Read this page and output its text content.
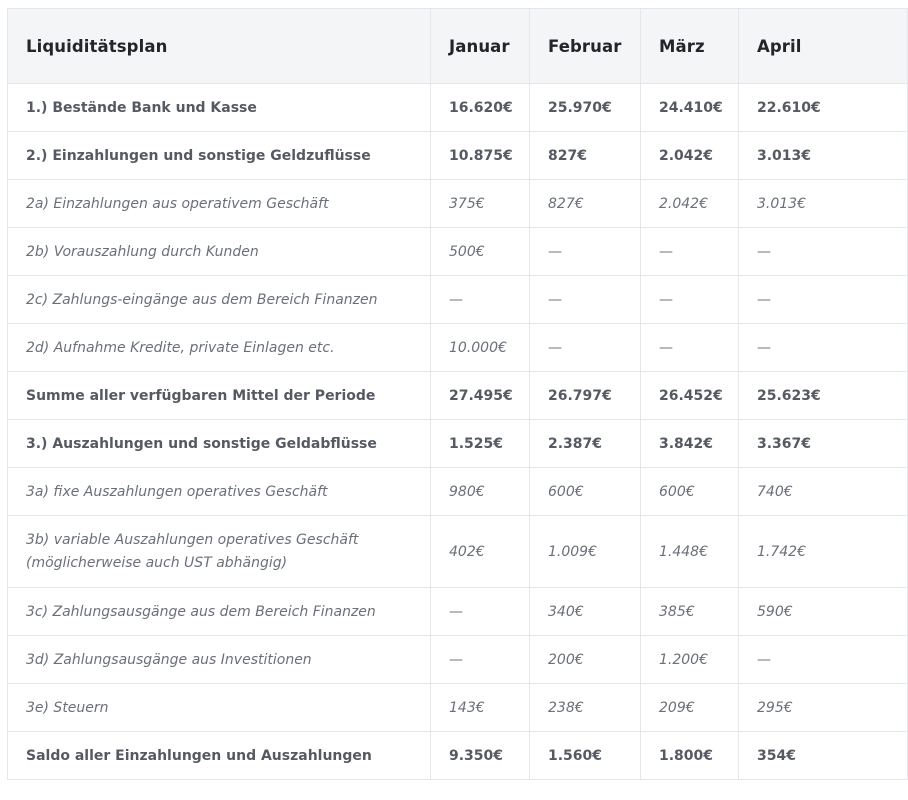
Liquiditätsplan	Januar	Februar	März	April
1.) Bestände Bank und Kasse	16.620€	25.970€	24.410€	22.610€
2.) Einzahlungen und sonstige Geldzuflüsse	10.875€	827€	2.042€	3.013€
2a) Einzahlungen aus operativem Geschäft	375€	827€	2.042€	3.013€
2b) Vorauszahlung durch Kunden	500€	—	—	—
2c) Zahlungs-eingänge aus dem Bereich Finanzen	—	—	—	—
2d) Aufnahme Kredite, private Einlagen etc.	10.000€	—	—	—
Summe aller verfügbaren Mittel der Periode	27.495€	26.797€	26.452€	25.623€
3.) Auszahlungen und sonstige Geldabflüsse	1.525€	2.387€	3.842€	3.367€
3a) fixe Auszahlungen operatives Geschäft	980€	600€	600€	740€
3b) variable Auszahlungen operatives Geschäft (möglicherweise auch UST abhängig)	402€	1.009€	1.448€	1.742€
3c) Zahlungsausgänge aus dem Bereich Finanzen	—	340€	385€	590€
3d) Zahlungsausgänge aus Investitionen	—	200€	1.200€	—
3e) Steuern	143€	238€	209€	295€
Saldo aller Einzahlungen und Auszahlungen	9.350€	1.560€	1.800€	354€
